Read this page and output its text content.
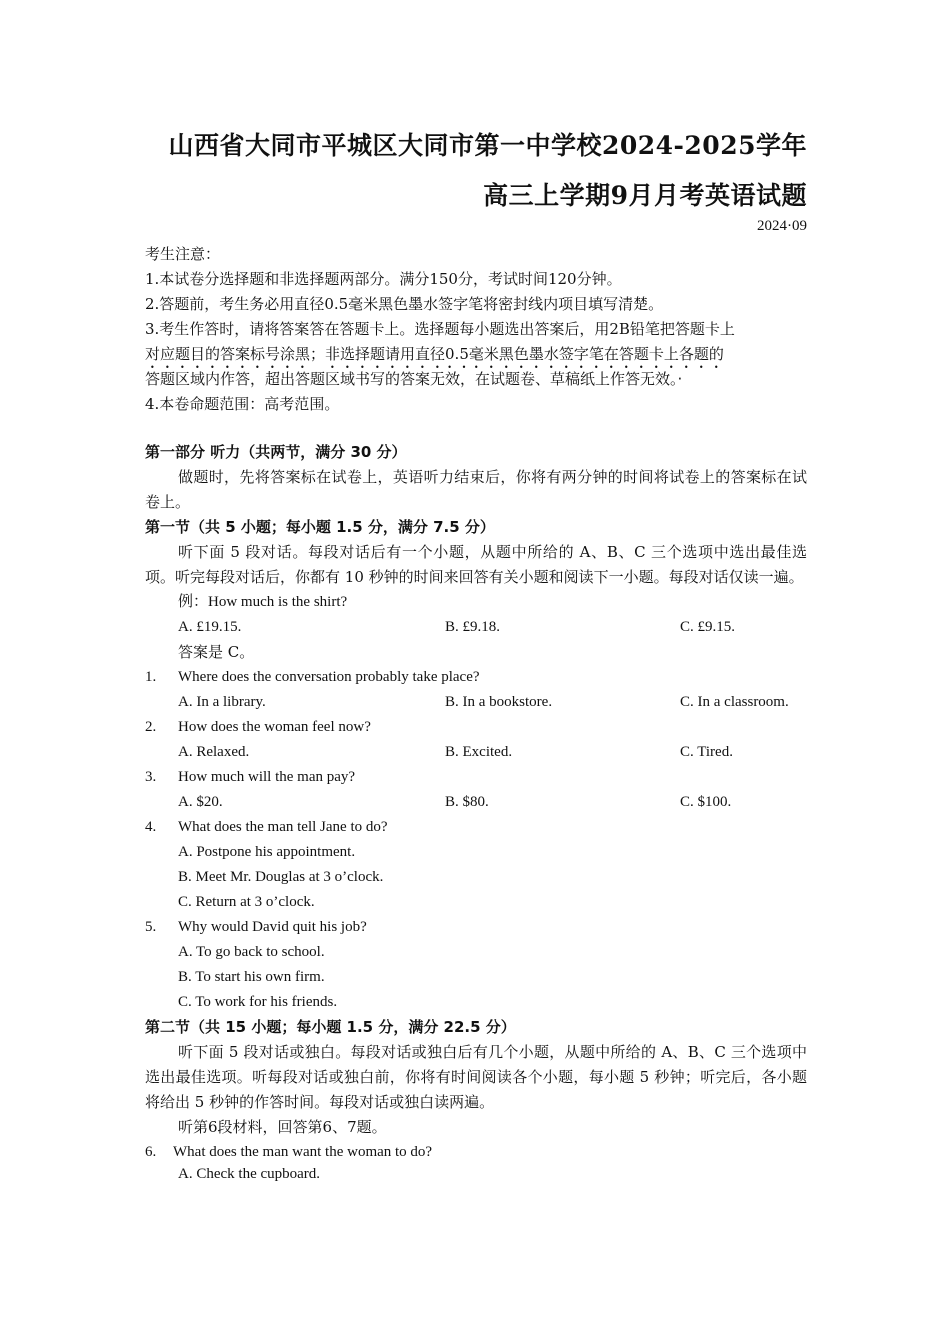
山西省大同市平城区大同市第一中学校2024-2025学年
高三上学期9月月考英语试题
2024·09
考生注意：
1.本试卷分选择题和非选择题两部分。满分150分，考试时间120分钟。
2.答题前，考生务必用直径0.5毫米黑色墨水签字笔将密封线内项目填写清楚。
3.考生作答时，请将答案答在答题卡上。选择题每小题选出答案后，用2B铅笔把答题卡上
对应题目的答案标号涂黑；非选择题请用直径0.5毫米黑色墨水签字笔在答题卡上各题的
答题区域内作答，超出答题区域书写的答案无效，在试题卷、草稿纸上作答无效。·
4.本卷命题范围：高考范围。
第一部分 听力（共两节，满分 30 分）
做题时，先将答案标在试卷上，英语听力结束后，你将有两分钟的时间将试卷上的答案标在试卷上。
第一节（共 5 小题；每小题 1.5 分，满分 7.5 分）
听下面 5 段对话。每段对话后有一个小题，从题中所给的 A、B、C 三个选项中选出最佳选项。听完每段对话后，你都有 10 秒钟的时间来回答有关小题和阅读下一小题。每段对话仅读一遍。
例：How much is the shirt?
A. £19.15.	B. £9.18.	C. £9.15.
答案是 C。
1. Where does the conversation probably take place?
A. In a library.	B. In a bookstore.	C. In a classroom.
2. How does the woman feel now?
A. Relaxed.	B. Excited.	C. Tired.
3. How much will the man pay?
A. $20.	B. $80.	C. $100.
4. What does the man tell Jane to do?
A. Postpone his appointment.
B. Meet Mr. Douglas at 3 o’clock.
C. Return at 3 o’clock.
5. Why would David quit his job?
A. To go back to school.
B. To start his own firm.
C. To work for his friends.
第二节（共 15 小题；每小题 1.5 分，满分 22.5 分）
听下面 5 段对话或独白。每段对话或独白后有几个小题，从题中所给的 A、B、C 三个选项中选出最佳选项。听每段对话或独白前，你将有时间阅读各个小题，每小题 5 秒钟；听完后，各小题将给出 5 秒钟的作答时间。每段对话或独白读两遍。
听第6段材料，回答第6、7题。
6. What does the man want the woman to do?
A. Check the cupboard.
